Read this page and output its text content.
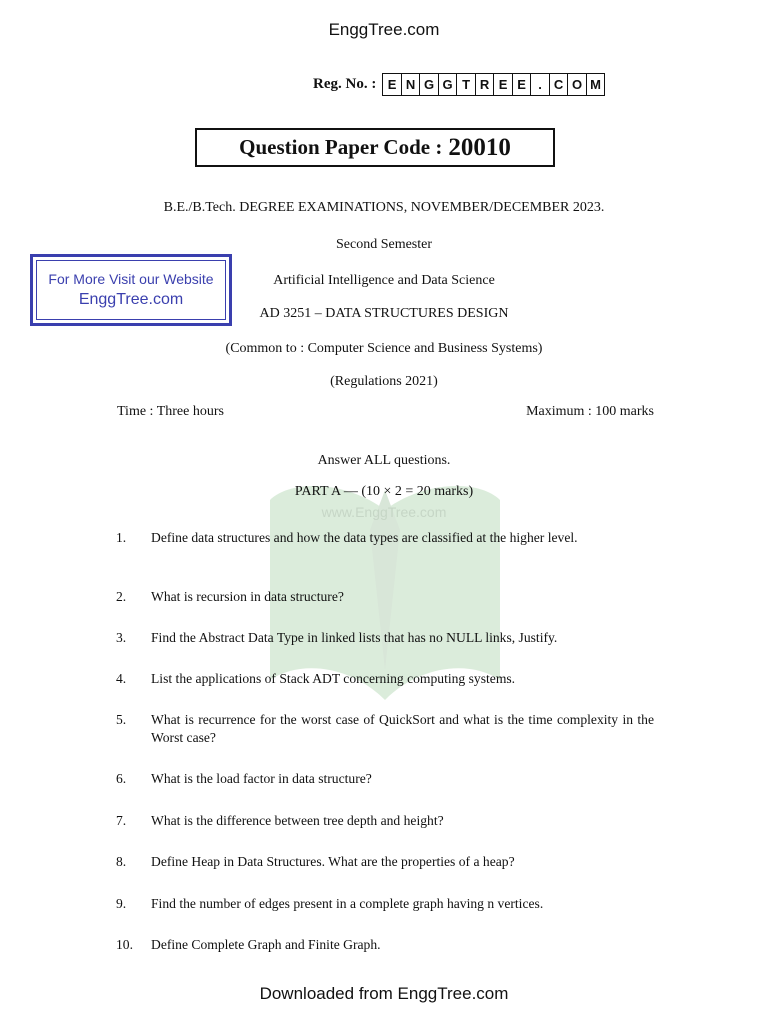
EnggTree.com
Reg. No. : E N G G T R E E . C O M
Question Paper Code : 20010
B.E./B.Tech. DEGREE EXAMINATIONS, NOVEMBER/DECEMBER 2023.
Second Semester
Artificial Intelligence and Data Science
AD 3251 – DATA STRUCTURES DESIGN
(Common to : Computer Science and Business Systems)
(Regulations 2021)
For More Visit our Website
EnggTree.com
Time : Three hours	Maximum : 100 marks
Answer ALL questions.
www.EnggTree.com
PART A — (10 × 2 = 20 marks)
1.	Define data structures and how the data types are classified at the higher level.
2.	What is recursion in data structure?
3.	Find the Abstract Data Type in linked lists that has no NULL links, Justify.
4.	List the applications of Stack ADT concerning computing systems.
5.	What is recurrence for the worst case of QuickSort and what is the time complexity in the Worst case?
6.	What is the load factor in data structure?
7.	What is the difference between tree depth and height?
8.	Define Heap in Data Structures. What are the properties of a heap?
9.	Find the number of edges present in a complete graph having n vertices.
10.	Define Complete Graph and Finite Graph.
Downloaded from EnggTree.com
